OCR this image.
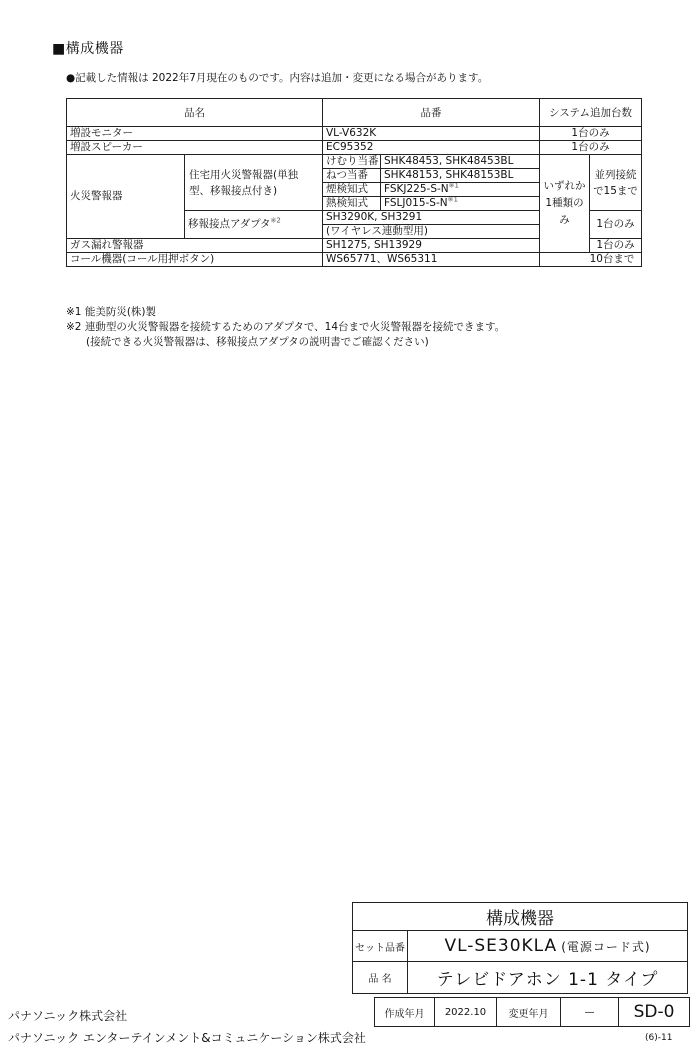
■構成機器
●記載した情報は 2022年7月現在のものです。内容は追加・変更になる場合があります。
品名		品番		システム追加台数	
増設モニター		VL-V632K		1台のみ	
増設スピーカー		EC95352		1台のみ	
火災警報器	住宅用火災警報器(単独型、移報接点付き)	けむり当番	SHK48453, SHK48453BL	いずれか1種類のみ	並列接続で15まで
		ねつ当番	SHK48153, SHK48153BL		
		煙検知式	$FSKJ225-S-N^{※1}$
		熱検知式	$FSLJ015-S-N^{※1}$
	移報接点アダプタ$^{※2}$	SH3290K, SH3291			1台のみ
		(ワイヤレス連動型用)			
ガス漏れ警報器		SH1275, SH13929			1台のみ
コール機器(コール用押ボタン)		WS65771、WS65311		10台まで	
※1 能美防災(株)製
※2 連動型の火災警報器を接続するためのアダプタで、14台まで火災警報器を接続できます。
(接続できる火災警報器は、移報接点アダプタの説明書でご確認ください)
構成機器
セット品番 VL-SE30KLA (電源コード式)
品 名	テレビドアホン 1-1 タイプ
作成年月	2022.10	変更年月	—	SD-0
パナソニック株式会社
パナソニック エンターテインメント&コミュニケーション株式会社	(6)-11
